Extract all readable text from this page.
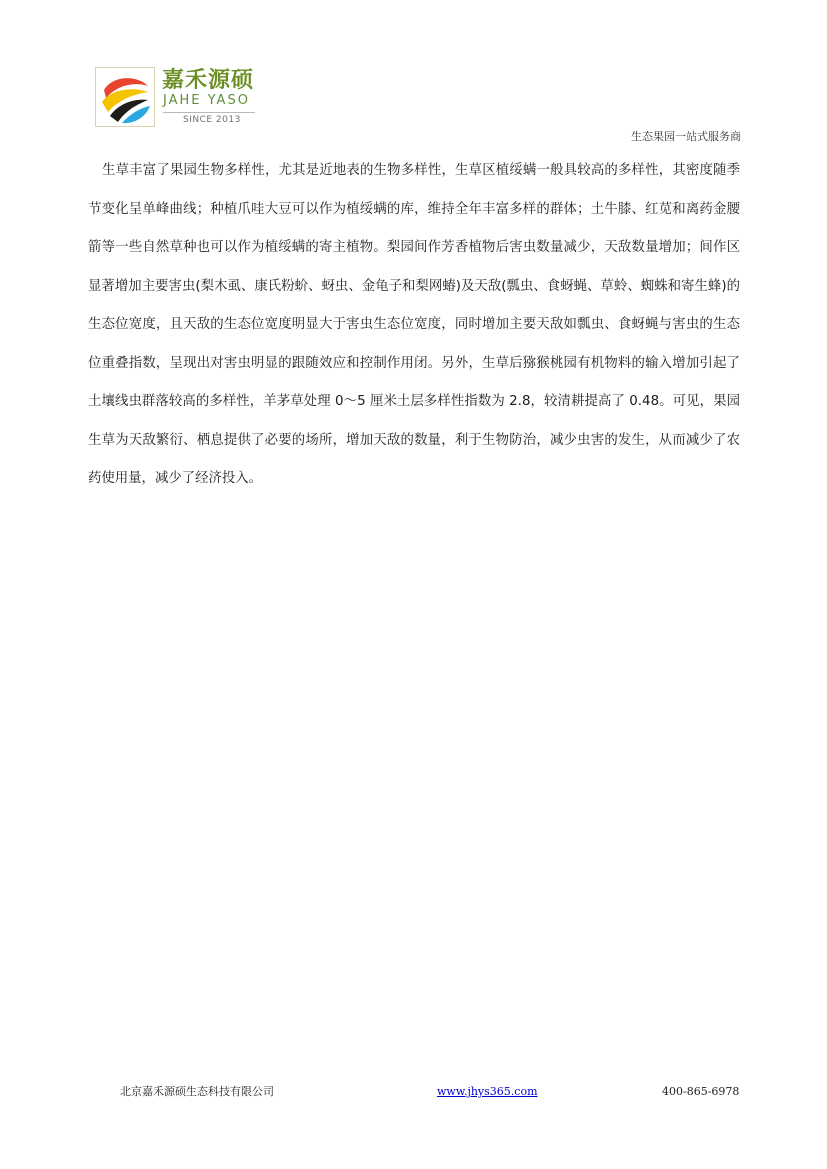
嘉禾源硕
JAHE YASO
SINCE 2013
生态果园一站式服务商

生草丰富了果园生物多样性，尤其是近地表的生物多样性，生草区植绥螨一般具较高的多样性，其密度随季节变化呈单峰曲线；种植爪哇大豆可以作为植绥螨的库，维持全年丰富多样的群体；土牛膝、红苋和离药金腰箭等一些自然草种也可以作为植绥螨的寄主植物。梨园间作芳香植物后害虫数量减少，天敌数量增加；间作区显著增加主要害虫(梨木虱、康氏粉蚧、蚜虫、金龟子和梨网蝽)及天敌(瓢虫、食蚜蝇、草蛉、蜘蛛和寄生蜂)的生态位宽度，且天敌的生态位宽度明显大于害虫生态位宽度，同时增加主要天敌如瓢虫、食蚜蝇与害虫的生态位重叠指数，呈现出对害虫明显的跟随效应和控制作用闭。另外，生草后猕猴桃园有机物料的输入增加引起了土壤线虫群落较高的多样性，羊茅草处理 0～5 厘米土层多样性指数为 2.8，较清耕提高了 0.48。可见，果园生草为天敌繁衍、栖息提供了必要的场所，增加天敌的数量，利于生物防治，减少虫害的发生，从而减少了农药使用量，减少了经济投入。

北京嘉禾源硕生态科技有限公司	www.jhys365.com	400-865-6978
